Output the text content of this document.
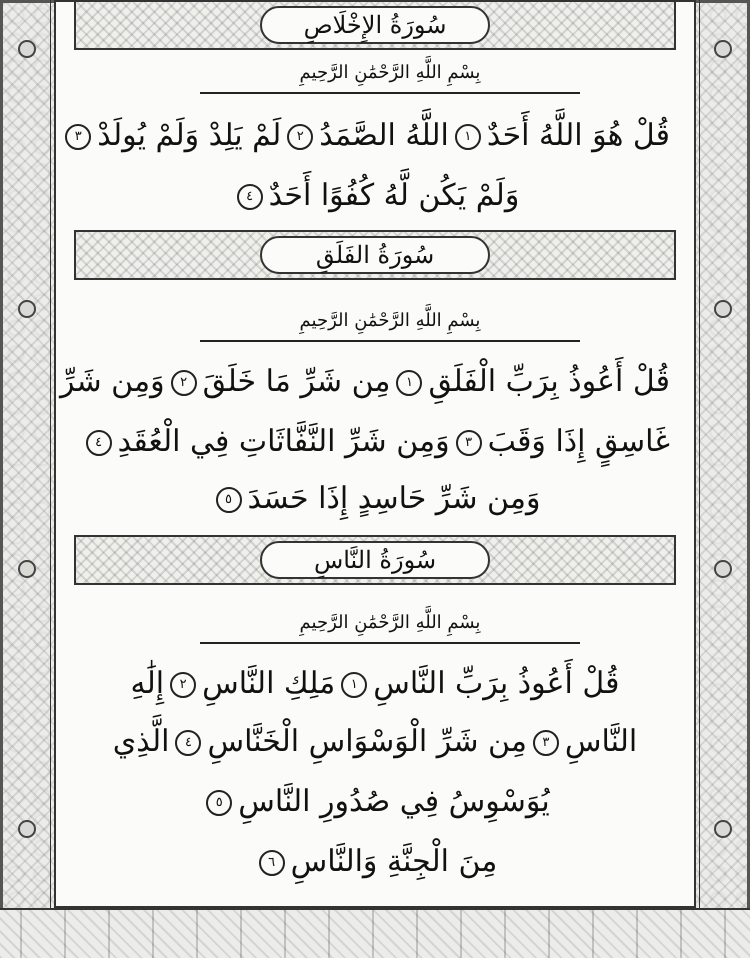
سُورَةُ الإِخْلَاصِ
بِسْمِ اللَّهِ الرَّحْمَٰنِ الرَّحِيمِ
قُلْ هُوَ اللَّهُ أَحَدٌ١اللَّهُ الصَّمَدُ٢لَمْ يَلِدْ وَلَمْ يُولَدْ٣
وَلَمْ يَكُن لَّهُ كُفُوًا أَحَدٌ٤
سُورَةُ الفَلَقِ
بِسْمِ اللَّهِ الرَّحْمَٰنِ الرَّحِيمِ
قُلْ أَعُوذُ بِرَبِّ الْفَلَقِ١مِن شَرِّ مَا خَلَقَ٢وَمِن شَرِّ
غَاسِقٍ إِذَا وَقَبَ٣وَمِن شَرِّ النَّفَّاثَاتِ فِي الْعُقَدِ٤
وَمِن شَرِّ حَاسِدٍ إِذَا حَسَدَ٥
سُورَةُ النَّاسِ
بِسْمِ اللَّهِ الرَّحْمَٰنِ الرَّحِيمِ
قُلْ أَعُوذُ بِرَبِّ النَّاسِ١مَلِكِ النَّاسِ٢إِلَٰهِ
النَّاسِ٣مِن شَرِّ الْوَسْوَاسِ الْخَنَّاسِ٤الَّذِي
يُوَسْوِسُ فِي صُدُورِ النَّاسِ٥
مِنَ الْجِنَّةِ وَالنَّاسِ٦
